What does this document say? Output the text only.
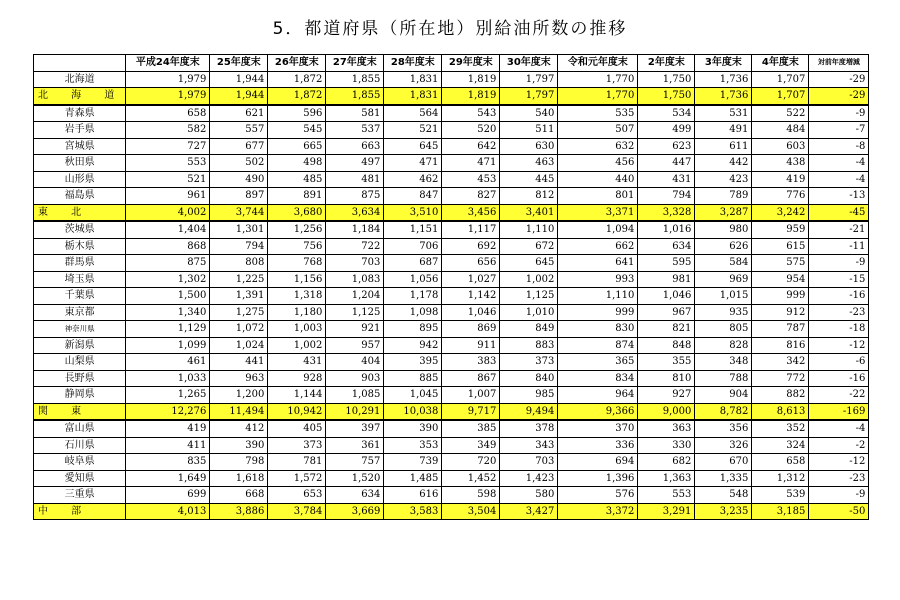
5．都道府県（所在地）別給油所数の推移
	平成24年度末	25年度末	26年度末	27年度末	28年度末	29年度末	30年度末	令和元年度末	2年度末	3年度末	4年度末	対前年度増減
北海道	1,979	1,944	1,872	1,855	1,831	1,819	1,797	1,770	1,750	1,736	1,707	-29
北 海 道	1,979	1,944	1,872	1,855	1,831	1,819	1,797	1,770	1,750	1,736	1,707	-29
青森県	658	621	596	581	564	543	540	535	534	531	522	-9
岩手県	582	557	545	537	521	520	511	507	499	491	484	-7
宮城県	727	677	665	663	645	642	630	632	623	611	603	-8
秋田県	553	502	498	497	471	471	463	456	447	442	438	-4
山形県	521	490	485	481	462	453	445	440	431	423	419	-4
福島県	961	897	891	875	847	827	812	801	794	789	776	-13
東 北	4,002	3,744	3,680	3,634	3,510	3,456	3,401	3,371	3,328	3,287	3,242	-45
茨城県	1,404	1,301	1,256	1,184	1,151	1,117	1,110	1,094	1,016	980	959	-21
栃木県	868	794	756	722	706	692	672	662	634	626	615	-11
群馬県	875	808	768	703	687	656	645	641	595	584	575	-9
埼玉県	1,302	1,225	1,156	1,083	1,056	1,027	1,002	993	981	969	954	-15
千葉県	1,500	1,391	1,318	1,204	1,178	1,142	1,125	1,110	1,046	1,015	999	-16
東京都	1,340	1,275	1,180	1,125	1,098	1,046	1,010	999	967	935	912	-23
神奈川県	1,129	1,072	1,003	921	895	869	849	830	821	805	787	-18
新潟県	1,099	1,024	1,002	957	942	911	883	874	848	828	816	-12
山梨県	461	441	431	404	395	383	373	365	355	348	342	-6
長野県	1,033	963	928	903	885	867	840	834	810	788	772	-16
静岡県	1,265	1,200	1,144	1,085	1,045	1,007	985	964	927	904	882	-22
関 東	12,276	11,494	10,942	10,291	10,038	9,717	9,494	9,366	9,000	8,782	8,613	-169
富山県	419	412	405	397	390	385	378	370	363	356	352	-4
石川県	411	390	373	361	353	349	343	336	330	326	324	-2
岐阜県	835	798	781	757	739	720	703	694	682	670	658	-12
愛知県	1,649	1,618	1,572	1,520	1,485	1,452	1,423	1,396	1,363	1,335	1,312	-23
三重県	699	668	653	634	616	598	580	576	553	548	539	-9
中 部	4,013	3,886	3,784	3,669	3,583	3,504	3,427	3,372	3,291	3,235	3,185	-50
